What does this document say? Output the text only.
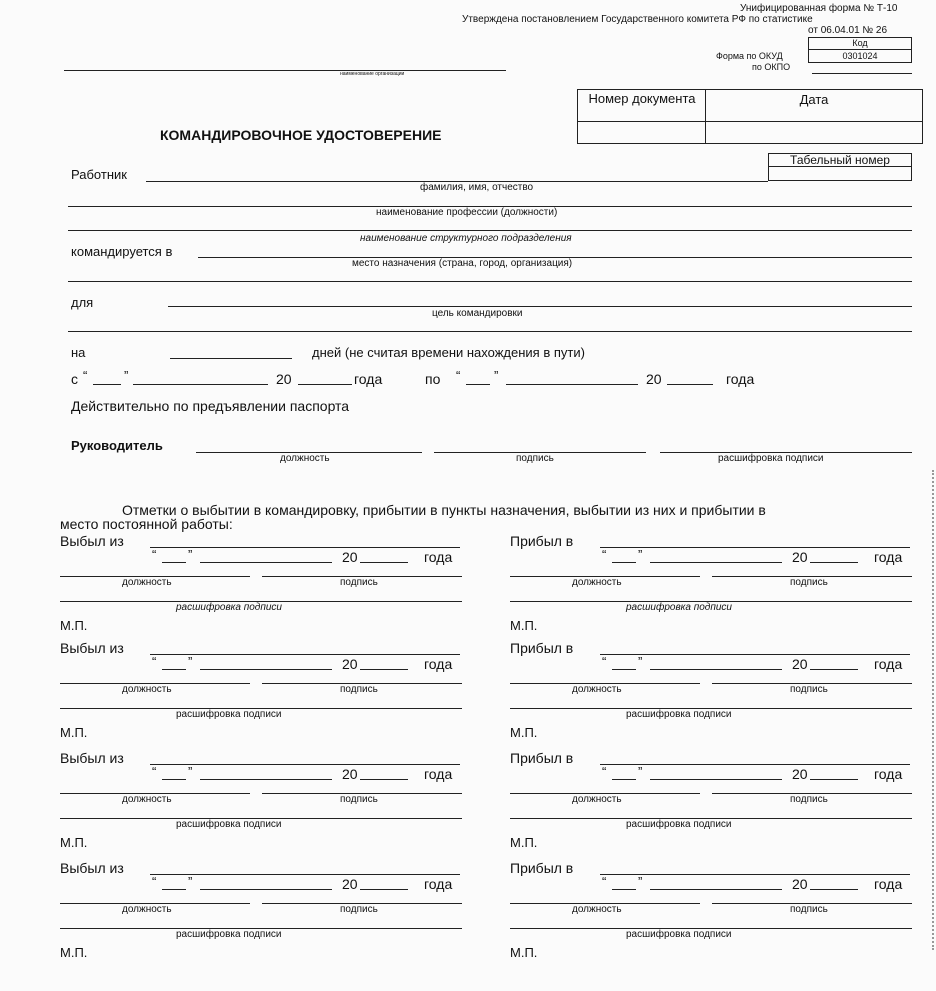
Унифицированная форма № Т-10
Утверждена постановлением Государственного комитета РФ по статистике
от 06.04.01 № 26
Код
0301024
Форма по ОКУД
по ОКПО
наименование организации
Номер документа	Дата
КОМАНДИРОВОЧНОЕ УДОСТОВЕРЕНИЕ
Табельный номер
Работник
фамилия, имя, отчество
наименование профессии (должности)
наименование структурного подразделения
командируется в
место назначения (страна, город, организация)
для
цель командировки
на	дней (не считая времени нахождения в пути)
с “	”	20	года	по “	”	20	года
Действительно по предъявлении паспорта
Руководитель
должность	подпись	расшифровка подписи
Отметки о выбытии в командировку, прибытии в пункты назначения, выбытии из них и прибытии в
место постоянной работы:
Выбыл из
“ ”	20	года
должность	подпись
расшифровка подписи
М.П.
Прибыл в
“ ”	20	года
должность	подпись
расшифровка подписи
М.П.
Выбыл из
“ ”	20	года
должность	подпись
расшифровка подписи
М.П.
Прибыл в
“ ”	20	года
должность	подпись
расшифровка подписи
М.П.
Выбыл из
“ ”	20	года
должность	подпись
расшифровка подписи
М.П.
Прибыл в
“ ”	20	года
должность	подпись
расшифровка подписи
М.П.
Выбыл из
“ ”	20	года
должность	подпись
расшифровка подписи
М.П.
Прибыл в
“ ”	20	года
должность	подпись
расшифровка подписи
М.П.
